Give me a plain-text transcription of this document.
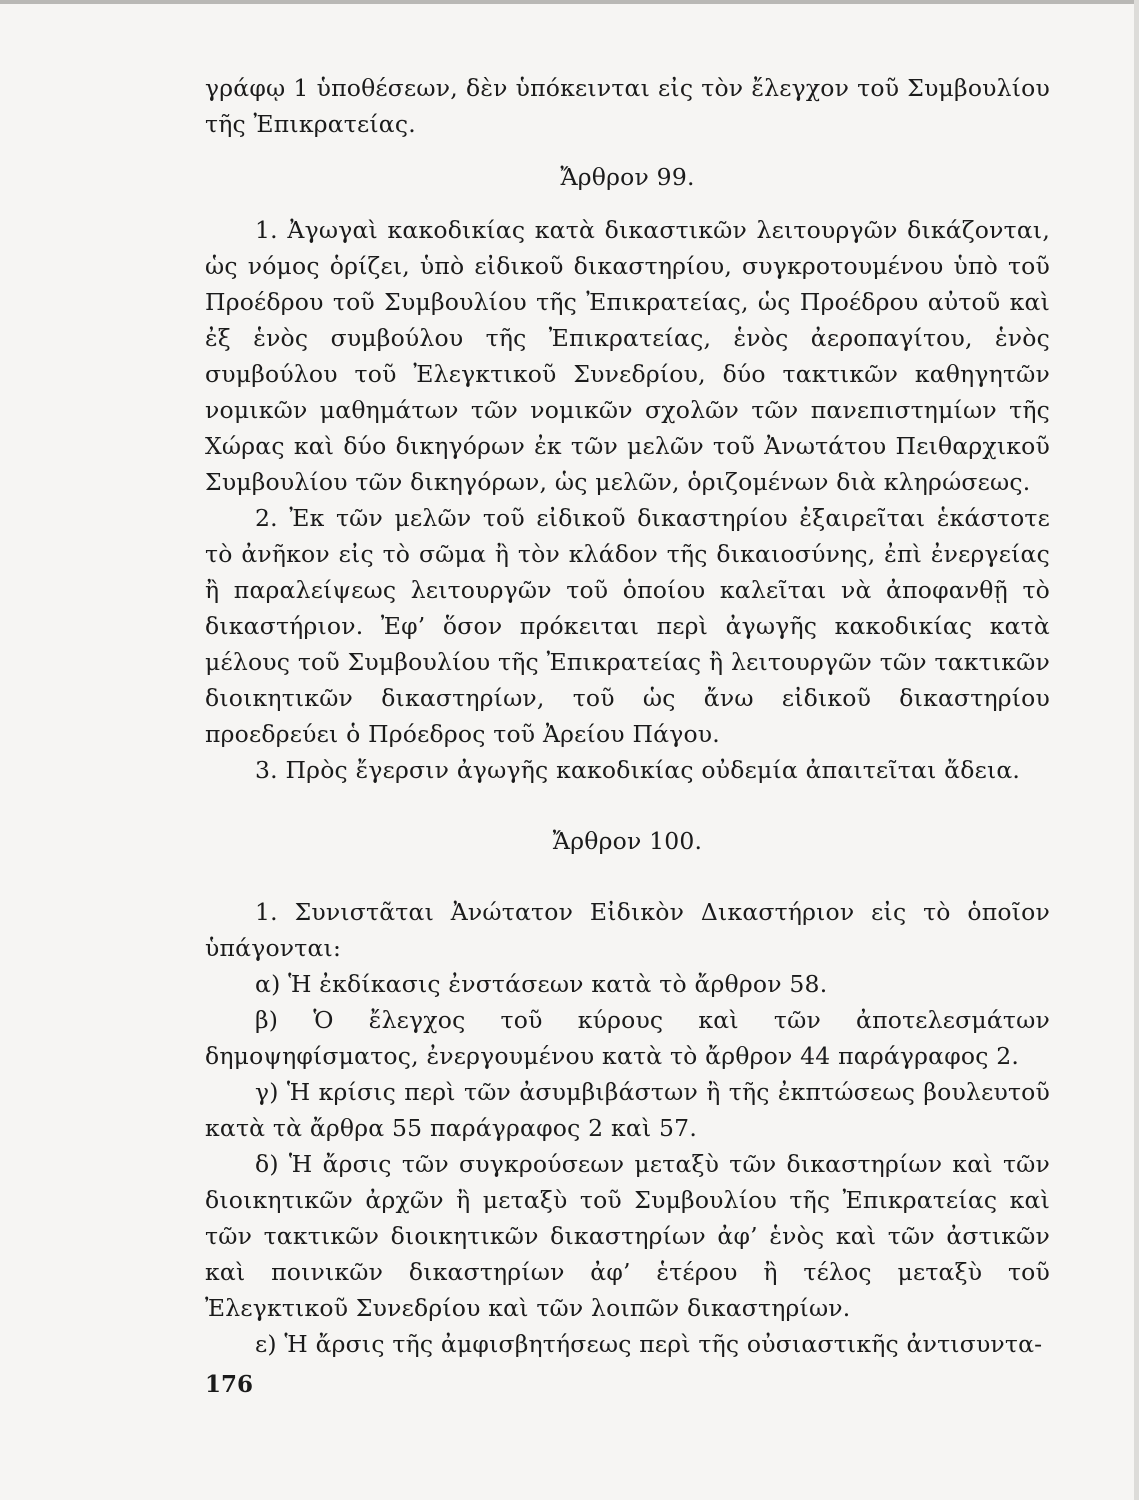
γράφῳ 1 ὑποθέσεων, δὲν ὑπόκεινται εἰς τὸν ἔλεγχον τοῦ Συμβουλίου τῆς Ἐπικρατείας.

Ἄρθρον 99.

1. Ἀγωγαὶ κακοδικίας κατὰ δικαστικῶν λειτουργῶν δικάζονται, ὡς νόμος ὁρίζει, ὑπὸ εἰδικοῦ δικαστηρίου, συγκροτουμένου ὑπὸ τοῦ Προέδρου τοῦ Συμβουλίου τῆς Ἐπικρατείας, ὡς Προέδρου αὐτοῦ καὶ ἐξ ἑνὸς συμβούλου τῆς Ἐπικρατείας, ἑνὸς ἀεροπαγίτου, ἑνὸς συμβούλου τοῦ Ἐλεγκτικοῦ Συνεδρίου, δύο τακτικῶν καθηγητῶν νομικῶν μαθημάτων τῶν νομικῶν σχολῶν τῶν πανεπιστημίων τῆς Χώρας καὶ δύο δικηγόρων ἐκ τῶν μελῶν τοῦ Ἀνωτάτου Πειθαρχικοῦ Συμβουλίου τῶν δικηγόρων, ὡς μελῶν, ὁριζομένων διὰ κληρώσεως.

2. Ἐκ τῶν μελῶν τοῦ εἰδικοῦ δικαστηρίου ἐξαιρεῖται ἑκάστοτε τὸ ἀνῆκον εἰς τὸ σῶμα ἢ τὸν κλάδον τῆς δικαιοσύνης, ἐπὶ ἐνεργείας ἢ παραλείψεως λειτουργῶν τοῦ ὁποίου καλεῖται νὰ ἀποφανθῇ τὸ δικαστήριον. Ἐφ’ ὅσον πρόκειται περὶ ἀγωγῆς κακοδικίας κατὰ μέλους τοῦ Συμβουλίου τῆς Ἐπικρατείας ἢ λειτουργῶν τῶν τακτικῶν διοικητικῶν δικαστηρίων, τοῦ ὡς ἄνω εἰδικοῦ δικαστηρίου προεδρεύει ὁ Πρόεδρος τοῦ Ἀρείου Πάγου.

3. Πρὸς ἔγερσιν ἀγωγῆς κακοδικίας οὐδεμία ἀπαιτεῖται ἄδεια.

Ἄρθρον 100.

1. Συνιστᾶται Ἀνώτατον Εἰδικὸν Δικαστήριον εἰς τὸ ὁποῖον ὑπάγονται:

α) Ἡ ἐκδίκασις ἐνστάσεων κατὰ τὸ ἄρθρον 58.

β) Ὁ ἔλεγχος τοῦ κύρους καὶ τῶν ἀποτελεσμάτων δημοψηφίσματος, ἐνεργουμένου κατὰ τὸ ἄρθρον 44 παράγραφος 2.

γ) Ἡ κρίσις περὶ τῶν ἀσυμβιβάστων ἢ τῆς ἐκπτώσεως βουλευτοῦ κατὰ τὰ ἄρθρα 55 παράγραφος 2 καὶ 57.

δ) Ἡ ἄρσις τῶν συγκρούσεων μεταξὺ τῶν δικαστηρίων καὶ τῶν διοικητικῶν ἀρχῶν ἢ μεταξὺ τοῦ Συμβουλίου τῆς Ἐπικρατείας καὶ τῶν τακτικῶν διοικητικῶν δικαστηρίων ἀφ’ ἑνὸς καὶ τῶν ἀστικῶν καὶ ποινικῶν δικαστηρίων ἀφ’ ἑτέρου ἢ τέλος μεταξὺ τοῦ Ἐλεγκτικοῦ Συνεδρίου καὶ τῶν λοιπῶν δικαστηρίων.

ε) Ἡ ἄρσις τῆς ἀμφισβητήσεως περὶ τῆς οὐσιαστικῆς ἀντισυντα-

176
